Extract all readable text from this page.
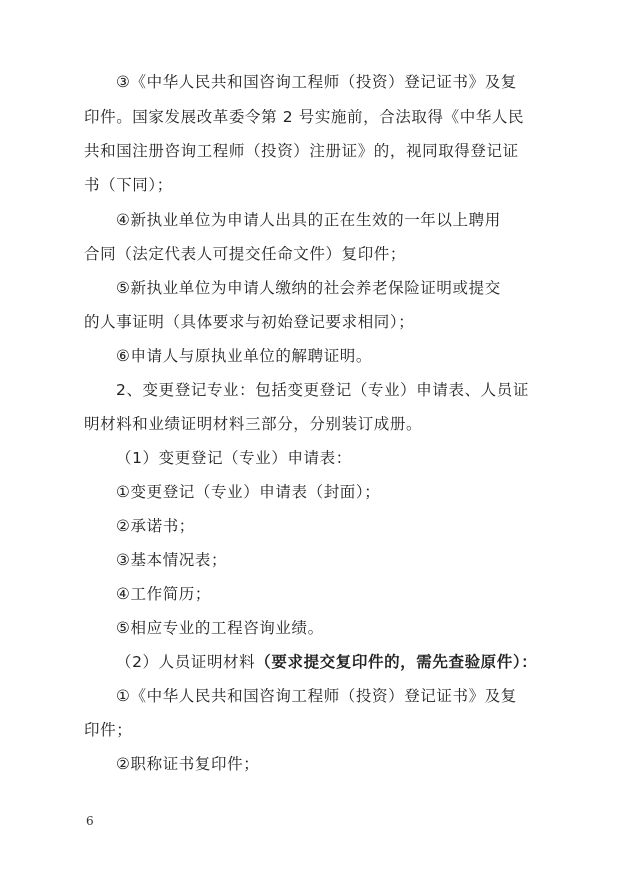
③《中华人民共和国咨询工程师（投资）登记证书》及复
印件。国家发展改革委令第 2 号实施前，合法取得《中华人民
共和国注册咨询工程师（投资）注册证》的，视同取得登记证
书（下同）；
④新执业单位为申请人出具的正在生效的一年以上聘用
合同（法定代表人可提交任命文件）复印件；
⑤新执业单位为申请人缴纳的社会养老保险证明或提交
的人事证明（具体要求与初始登记要求相同）；
⑥申请人与原执业单位的解聘证明。
2、变更登记专业：包括变更登记（专业）申请表、人员证
明材料和业绩证明材料三部分，分别装订成册。
（1）变更登记（专业）申请表：
①变更登记（专业）申请表（封面）；
②承诺书；
③基本情况表；
④工作简历；
⑤相应专业的工程咨询业绩。
（2）人员证明材料（要求提交复印件的，需先查验原件）：
①《中华人民共和国咨询工程师（投资）登记证书》及复
印件；
②职称证书复印件；
6
